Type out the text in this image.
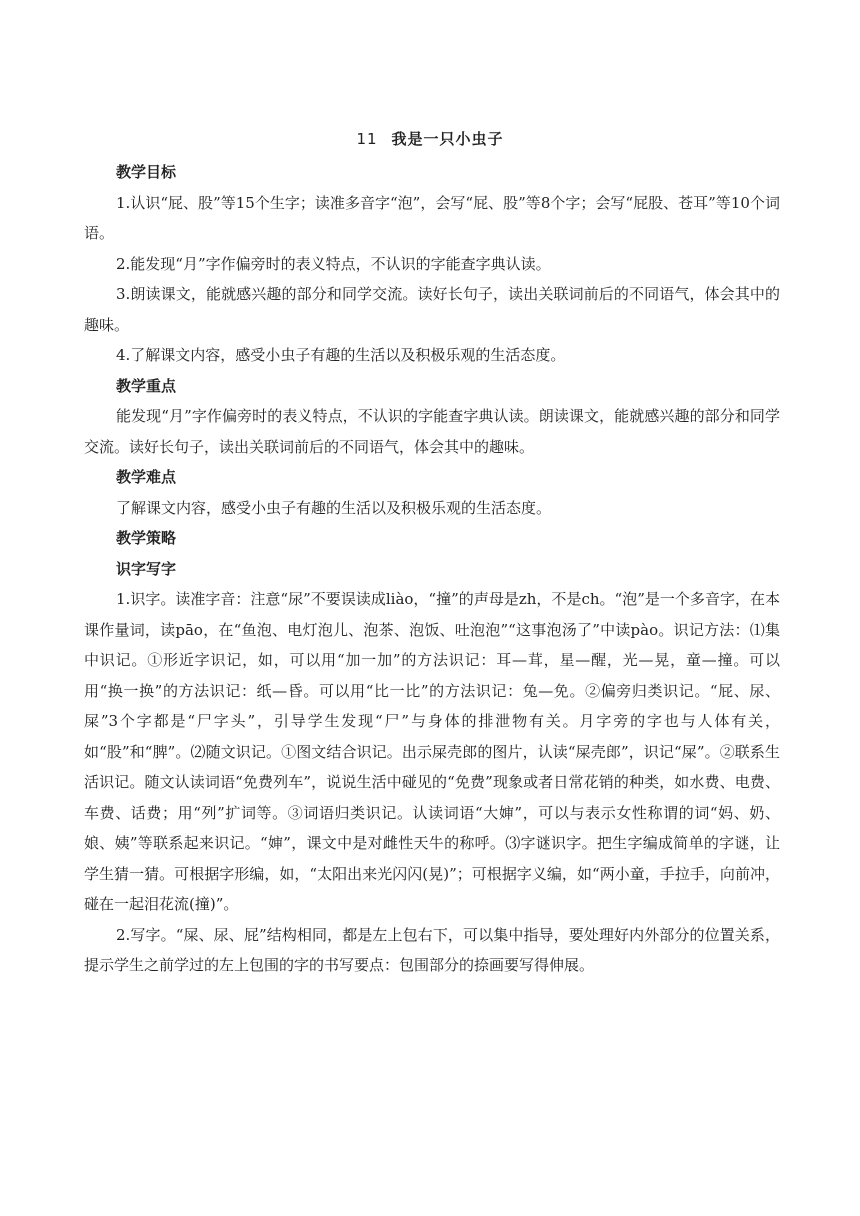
11 我是一只小虫子

教学目标

1.认识“屁、股”等15个生字；读准多音字“泡”，会写“屁、股”等8个字；会写“屁股、苍耳”等10个词语。

2.能发现“月”字作偏旁时的表义特点，不认识的字能查字典认读。

3.朗读课文，能就感兴趣的部分和同学交流。读好长句子，读出关联词前后的不同语气，体会其中的趣味。

4.了解课文内容，感受小虫子有趣的生活以及积极乐观的生活态度。

教学重点

能发现“月”字作偏旁时的表义特点，不认识的字能查字典认读。朗读课文，能就感兴趣的部分和同学交流。读好长句子，读出关联词前后的不同语气，体会其中的趣味。

教学难点

了解课文内容，感受小虫子有趣的生活以及积极乐观的生活态度。

教学策略

识字写字

1.识字。读准字音：注意“尿”不要误读成liào，“撞”的声母是zh，不是ch。“泡”是一个多音字，在本课作量词，读pāo，在“鱼泡、电灯泡儿、泡茶、泡饭、吐泡泡”“这事泡汤了”中读pào。识记方法：⑴集中识记。①形近字识记，如，可以用“加一加”的方法识记：耳—茸，星—醒，光—晃，童—撞。可以用“换一换”的方法识记：纸—昏。可以用“比一比”的方法识记：兔—免。②偏旁归类识记。“屁、尿、屎”3个字都是“尸字头”，引导学生发现“尸”与身体的排泄物有关。月字旁的字也与人体有关，如“股”和“脾”。⑵随文识记。①图文结合识记。出示屎壳郎的图片，认读“屎壳郎”，识记“屎”。②联系生活识记。随文认读词语“免费列车”，说说生活中碰见的“免费”现象或者日常花销的种类，如水费、电费、车费、话费；用“列”扩词等。③词语归类识记。认读词语“大婶”，可以与表示女性称谓的词“妈、奶、娘、姨”等联系起来识记。“婶”，课文中是对雌性天牛的称呼。⑶字谜识字。把生字编成简单的字谜，让学生猜一猜。可根据字形编，如，“太阳出来光闪闪(晃)”；可根据字义编，如“两小童，手拉手，向前冲，碰在一起泪花流(撞)”。

2.写字。“屎、尿、屁”结构相同，都是左上包右下，可以集中指导，要处理好内外部分的位置关系，提示学生之前学过的左上包围的字的书写要点：包围部分的捺画要写得伸展。
